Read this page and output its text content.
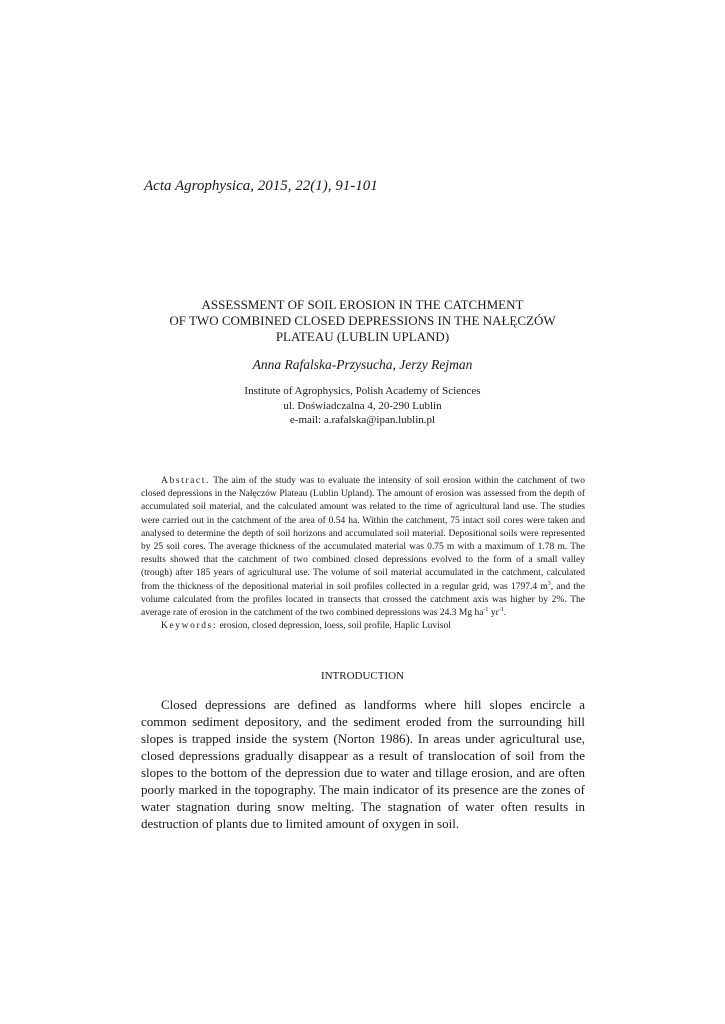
Acta Agrophysica, 2015, 22(1), 91-101
ASSESSMENT OF SOIL EROSION IN THE CATCHMENT
OF TWO COMBINED CLOSED DEPRESSIONS IN THE NAŁĘCZÓW
PLATEAU (LUBLIN UPLAND)
Anna Rafalska-Przysucha, Jerzy Rejman
Institute of Agrophysics, Polish Academy of Sciences
ul. Doświadczalna 4, 20-290 Lublin
e-mail: a.rafalska@ipan.lublin.pl

Abstract. The aim of the study was to evaluate the intensity of soil erosion within the catchment of two closed depressions in the Nałęczów Plateau (Lublin Upland). The amount of erosion was assessed from the depth of accumulated soil material, and the calculated amount was related to the time of agricultural land use. The studies were carried out in the catchment of the area of 0.54 ha. Within the catchment, 75 intact soil cores were taken and analysed to determine the depth of soil horizons and accumulated soil material. Depositional soils were represented by 25 soil cores. The average thickness of the accumulated material was 0.75 m with a maximum of 1.78 m. The results showed that the catchment of two combined closed depressions evolved to the form of a small valley (trough) after 185 years of agricultural use. The volume of soil material accumulated in the catchment, calculated from the thickness of the depositional material in soil profiles collected in a regular grid, was 1797.4 $m^3$, and the volume calculated from the profiles located in transects that crossed the catchment axis was higher by 2%. The average rate of erosion in the catchment of the two combined depressions was 24.3 Mg $ha^{-1}$ $yr^{-1}$.

Keywords: erosion, closed depression, loess, soil profile, Haplic Luvisol

INTRODUCTION

Closed depressions are defined as landforms where hill slopes encircle a common sediment depository, and the sediment eroded from the surrounding hill slopes is trapped inside the system (Norton 1986). In areas under agricultural use, closed depressions gradually disappear as a result of translocation of soil from the slopes to the bottom of the depression due to water and tillage erosion, and are often poorly marked in the topography. The main indicator of its presence are the zones of water stagnation during snow melting. The stagnation of water often results in destruction of plants due to limited amount of oxygen in soil.
